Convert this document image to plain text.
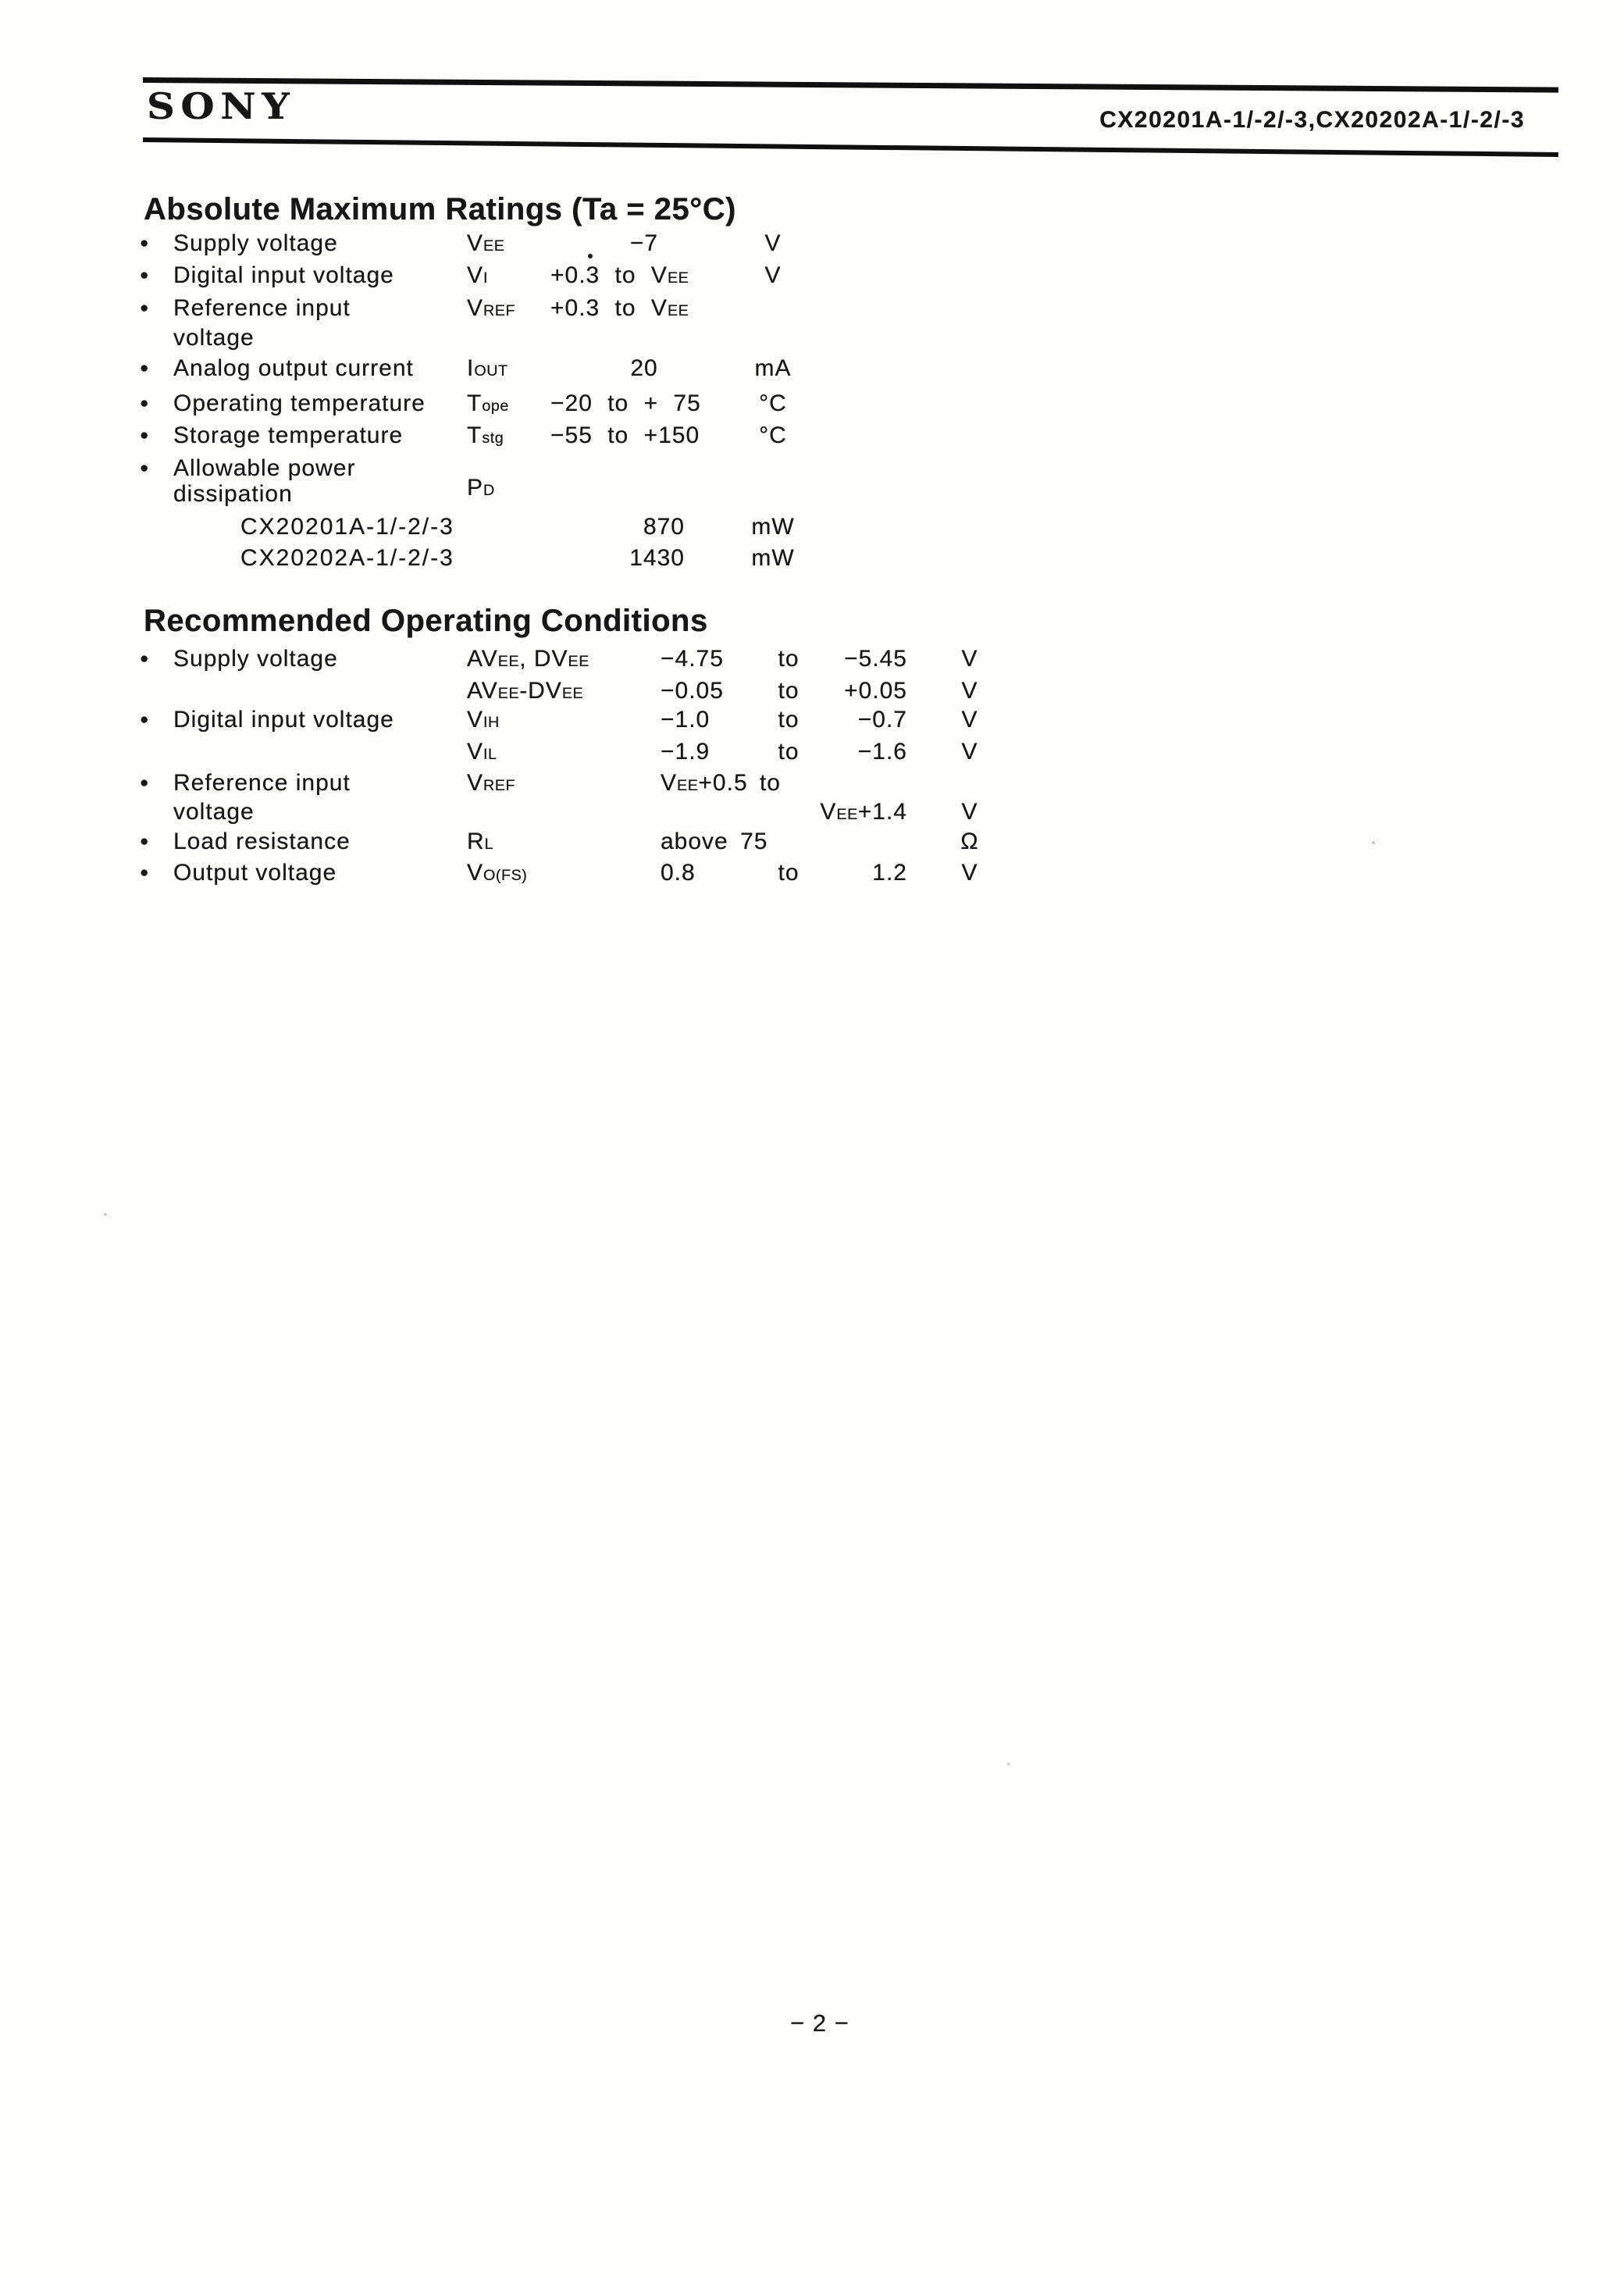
SONY	CX20201A-1/-2/-3,CX20202A-1/-2/-3
Absolute Maximum Ratings (Ta = 25°C)
● Supply voltage	VEE	−7	V
● Digital input voltage	VI	+0.3 to VEE	V
● Reference input	VREF +0.3 to VEE
voltage
● Analog output current IOUT	20	mA
● Operating temperature Tope −20 to + 75	°C
● Storage temperature	Tstg −55 to +150	°C
● Allowable power
PD
dissipation
CX20201A-1/-2/-3	870	mW
CX20202A-1/-2/-3	1430	mW
Recommended Operating Conditions
● Supply voltage	AVEE, DVEE	−4.75	to	−5.45	V
AVEE-DVEE	−0.05	to	+0.05	V
● Digital input voltage	VIH	−1.0	to	−0.7	V
VIL	−1.9	to	−1.6	V
● Reference input	VREF	VEE+0.5 to
voltage	VEE+1.4	V
● Load resistance	RL	above 75	Ω
● Output voltage	VO(FS)	0.8	to	1.2	V
− 2 −
